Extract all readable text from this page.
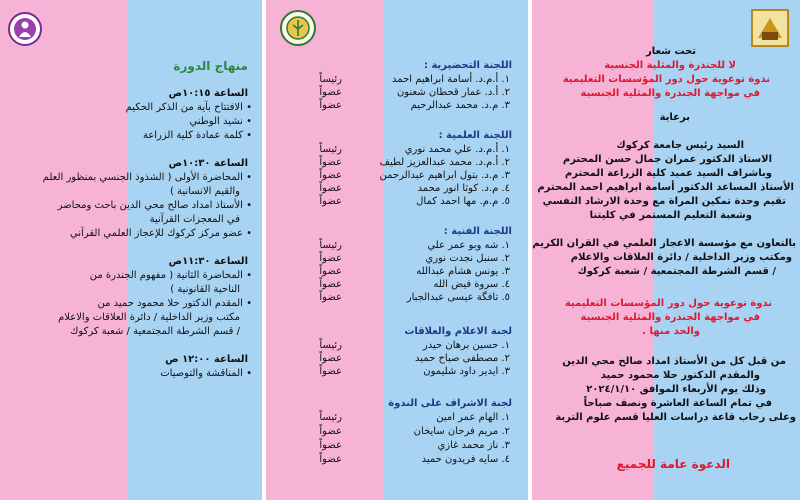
منهاج الدورة
الساعة ١٠:١٥ص
• الافتتاح بآية من الذكر الحكيم
• نشيد الوطني
• كلمة عمادة كلية الزراعة
الساعة ١٠:٣٠ص
• المحاضرة الأولى ( الشذوذ الجنسي بمنظور العلم
والقيم الانسانية )
• الأستاذ امداد صالح محي الدين باحث ومحاضر
في المعجزات القرآنية
• عضو مركز كركوك للإعجاز العلمي القرآني
الساعة ١١:٣٠ص
• المحاضرة الثانية ( مفهوم الجندرة من
الناحية القانونية )
• المقدم الدكتور حلا محمود حميد من
مكتب وزير الداخلية / دائرة العلاقات والاعلام
/ قسم الشرطة المجتمعية / شعبة كركوك
الساعة ١٢:٠٠ ص
• المناقشة والتوصيات
اللجنة التحضيرية :
١. أ.م.د. أسامة ابراهيم احمد
رئيساً
٢. أ.د. عمار قحطان شعنون
عضواً
٣. م.د. محمد عبدالرحيم
عضواً
اللجنة العلمية :
١. أ.م.د. علي محمد نوري
رئيساً
٢. أ.م.د. محمد عبدالعزيز لطيف
عضواً
٣. م.د. بتول ابراهيم عبدالرحمن
عضواً
٤. م.د. كوثا انور محمد
عضواً
٥. م.م. مها احمد كمال
عضواً
اللجنة الفنية :
١. شه وبو عمر علي
رئيساً
٢. سنبل نجدت نوري
عضواً
٣. يونس هشام عبدالله
عضواً
٤. سروة فيض الله
عضواً
٥. تافگة عيسى عبدالجبار
عضواً
لجنة الاعلام والعلاقات
١. حسين برهان حيدر
رئيساً
٢. مصطفى صباح حميد
عضواً
٣. ايدير داود شليمون
عضواً
لجنة الاشراف على الندوة
١. الهام عمر امين
رئيساً
٢. مريم فرحان سايخان
عضواً
٣. ناز محمد غازي
عضواً
٤. سايه فريدون حميد
عضواً
تحت شعار
لا للجندرة والمثلية الجنسية
ندوة توعوية حول دور المؤسسات التعليمية
في مواجهة الجندرة والمثلية الجنسية
برعاية
السيد رئيس جامعة كركوك
الاستاذ الدكتور عمران جمال حسن المحترم
وباشراف السيد عميد كلية الزراعة المحترم
الأستاذ المساعد الدكتور أسامة ابراهيم احمد المحترم
تقيم وحدة تمكين المراة مع وحدة الارشاد النفسي
وشعبة التعليم المستمر في كليتنا
بالتعاون مع مؤسسة الاعجاز العلمي في القران الكريم
ومكتب وزير الداخلية / دائرة العلاقات والاعلام
/ قسم الشرطة المجتمعية / شعبة كركوك
ندوة توعوية حول دور المؤسسات التعليمية
في مواجهة الجندرة والمثلية الجنسية
والحد منها .
من قبل كل من الأستاذ امداد صالح محي الدين
والمقدم الدكتور حلا محمود حميد
وذلك يوم الأربعاء الموافق ٢٠٢٤/١/١٠
في تمام الساعة العاشرة ونصف صباحاً
وعلى رحاب قاعة دراسات العليا قسم علوم التربة
الدعوة عامة للجميع
